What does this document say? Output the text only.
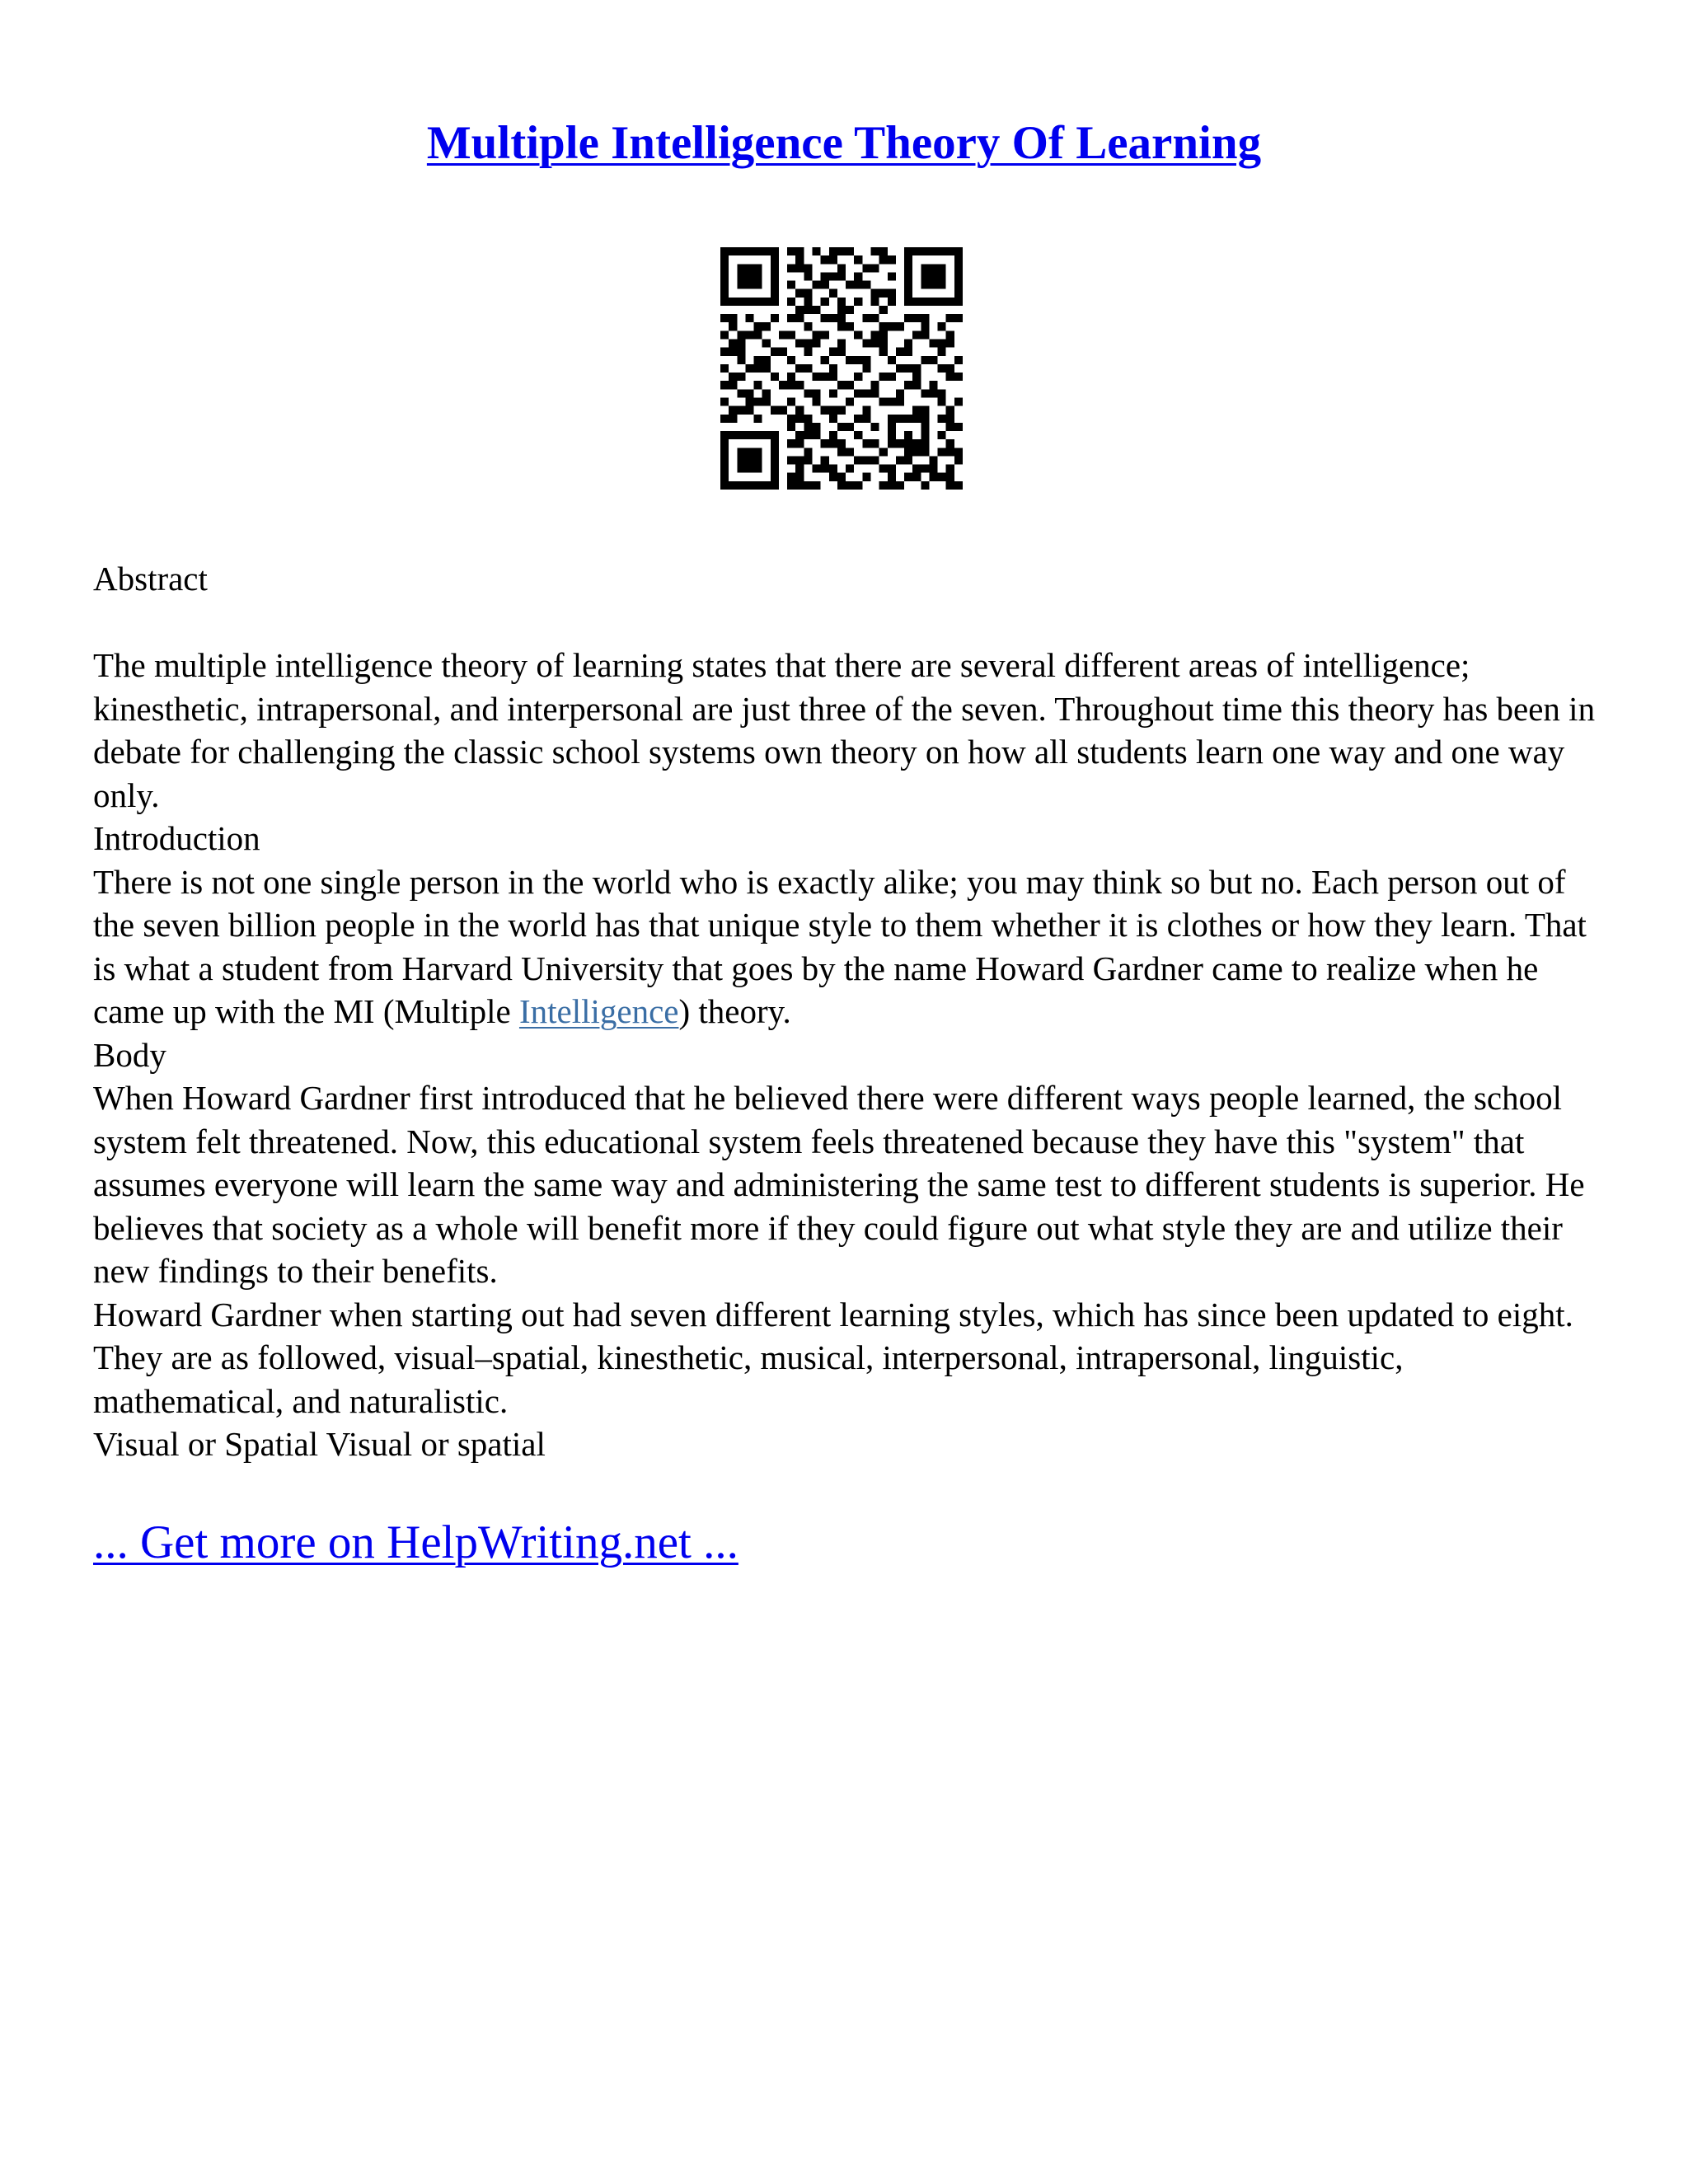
Multiple Intelligence Theory Of Learning

Abstract

The multiple intelligence theory of learning states that there are several different areas of intelligence; kinesthetic, intrapersonal, and interpersonal are just three of the seven. Throughout time this theory has been in debate for challenging the classic school systems own theory on how all students learn one way and one way only.

Introduction

There is not one single person in the world who is exactly alike; you may think so but no. Each person out of the seven billion people in the world has that unique style to them whether it is clothes or how they learn. That is what a student from Harvard University that goes by the name Howard Gardner came to realize when he came up with the MI (Multiple Intelligence) theory.

Body

When Howard Gardner first introduced that he believed there were different ways people learned, the school system felt threatened. Now, this educational system feels threatened because they have this "system" that assumes everyone will learn the same way and administering the same test to different students is superior. He believes that society as a whole will benefit more if they could figure out what style they are and utilize their new findings to their benefits.

Howard Gardner when starting out had seven different learning styles, which has since been updated to eight. They are as followed, visual–spatial, kinesthetic, musical, interpersonal, intrapersonal, linguistic, mathematical, and naturalistic.

Visual or Spatial Visual or spatial

... Get more on HelpWriting.net ...
